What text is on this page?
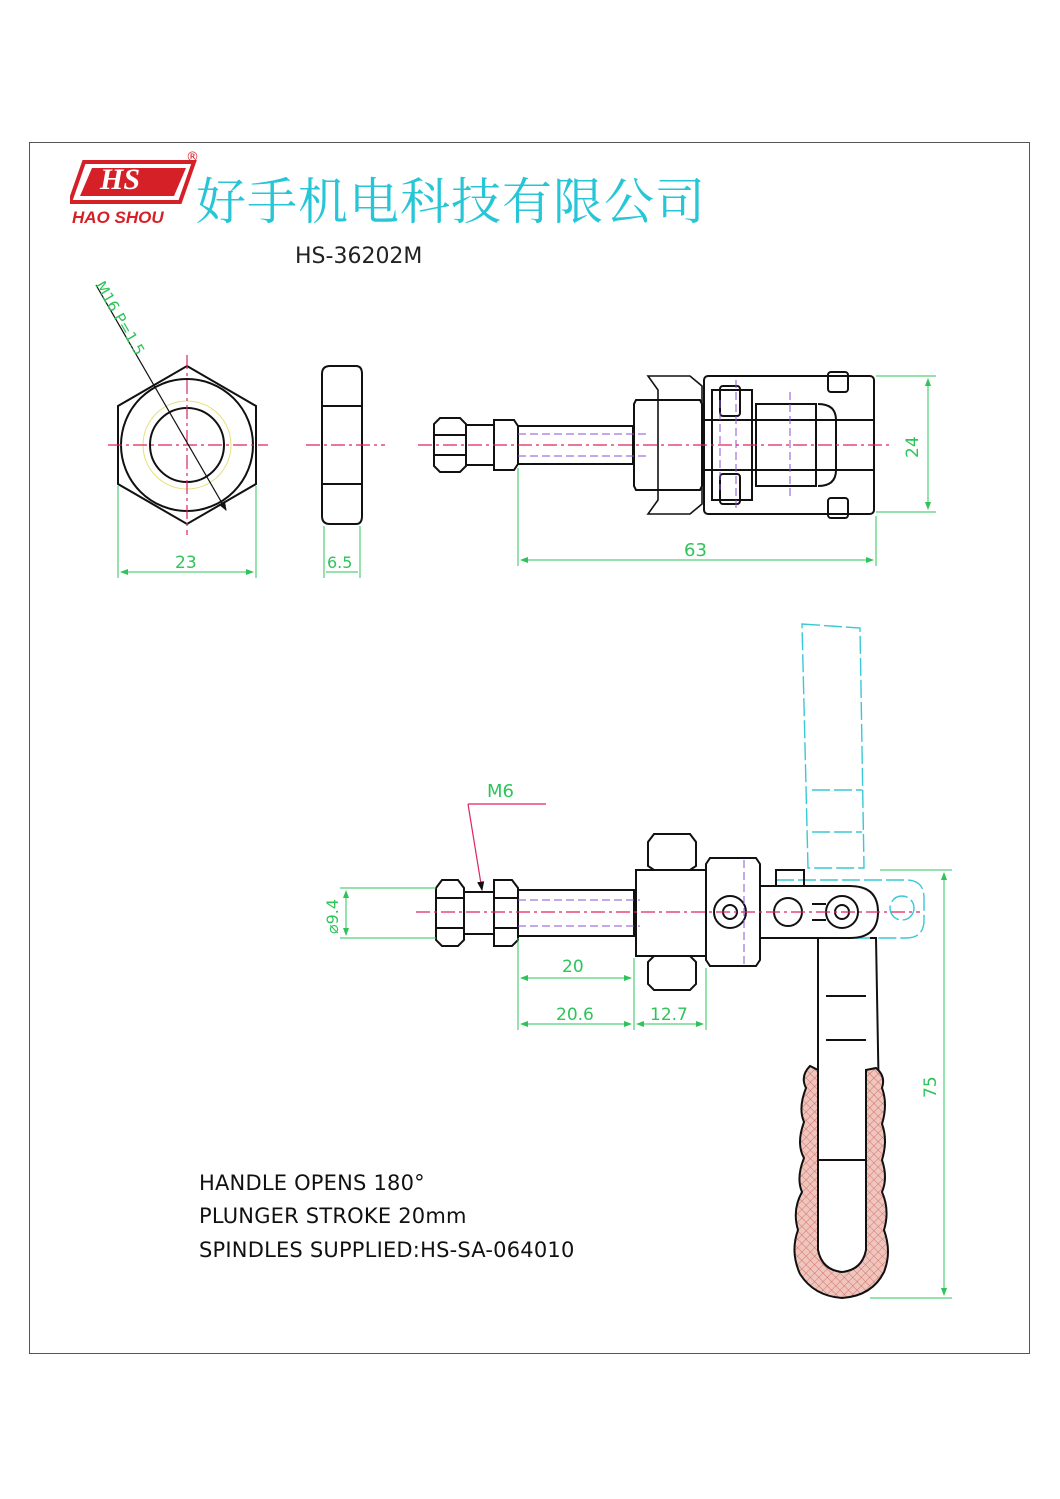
HS
®
HAO SHOU 好手机电科技有限公司
HS-36202M
M16 P=1.5
23	6.5
63
24
M6
⌀9.4
20
20.6	12.7
75
HANDLE OPENS 180°
PLUNGER STROKE 20mm
SPINDLES SUPPLIED:HS-SA-064010
